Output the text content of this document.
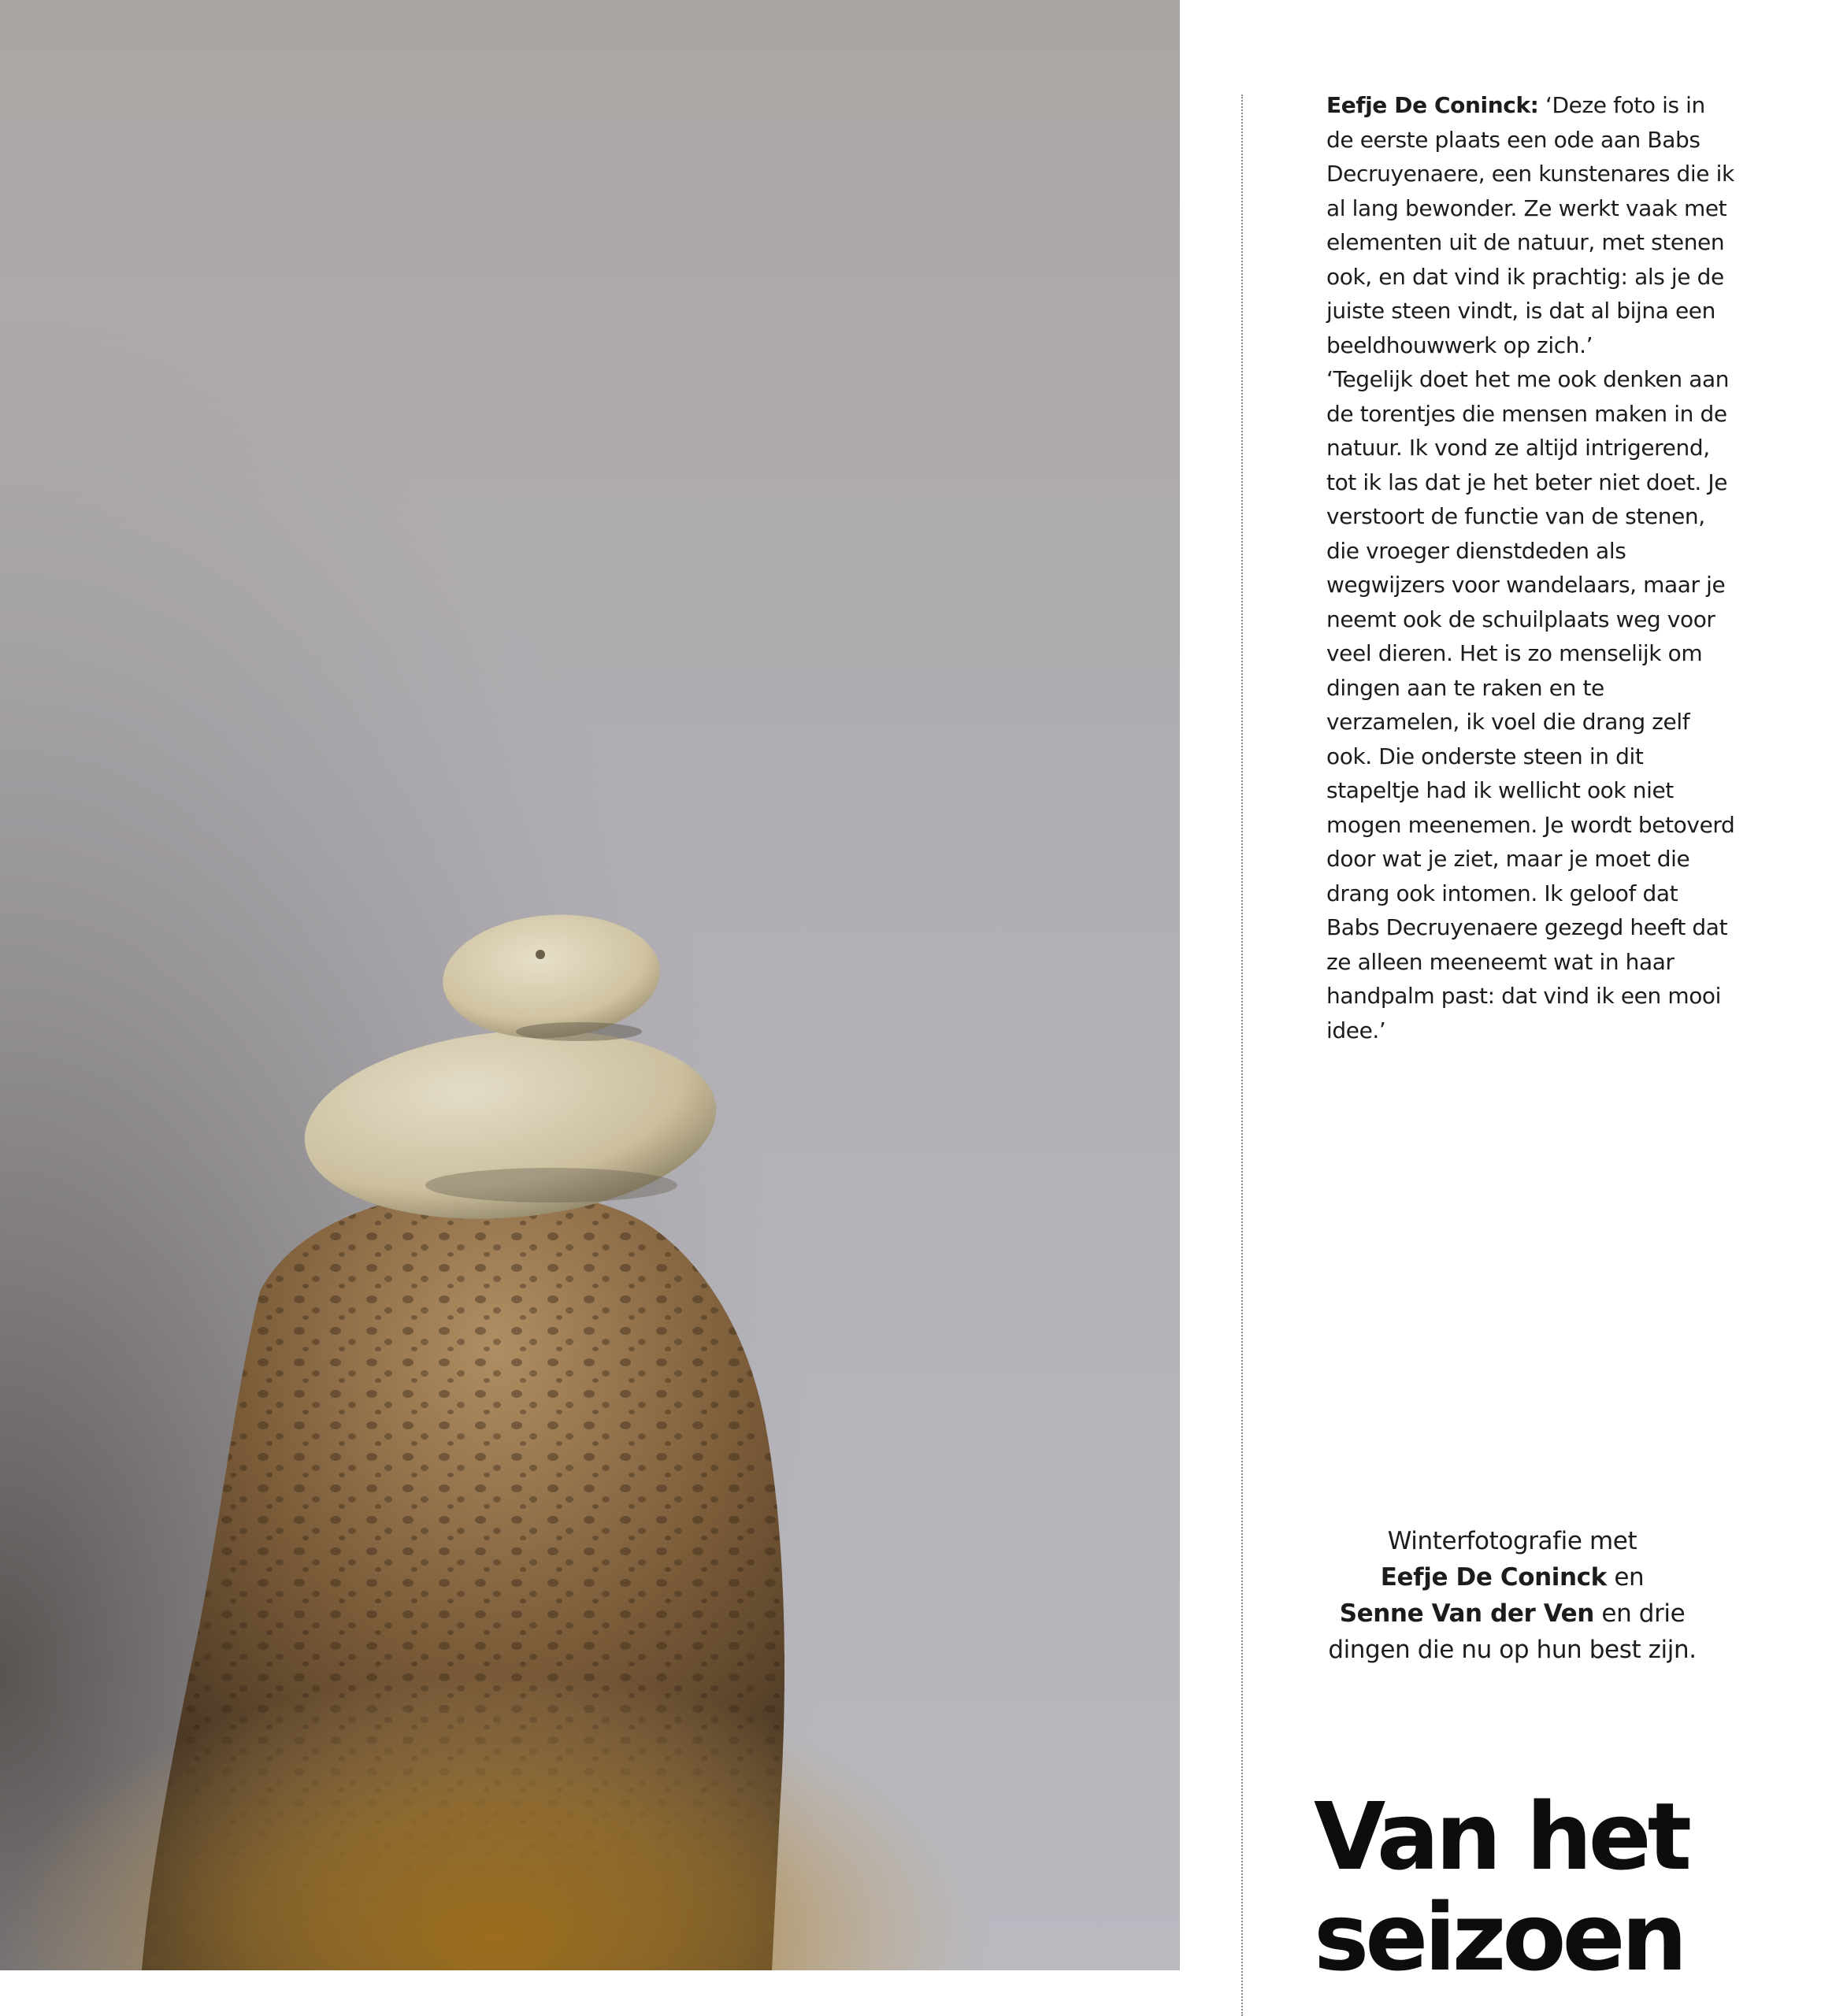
Eefje De Coninck: ‘Deze foto is in de eerste plaats een ode aan Babs Decruyenaere, een kunstenares die ik al lang bewonder. Ze werkt vaak met elementen uit de natuur, met stenen ook, en dat vind ik prachtig: als je de juiste steen vindt, is dat al bijna een beeldhouwwerk op zich.’

‘Tegelijk doet het me ook denken aan de torentjes die mensen maken in de natuur. Ik vond ze altijd intrigerend, tot ik las dat je het beter niet doet. Je verstoort de functie van de stenen, die vroeger dienstdeden als wegwijzers voor wandelaars, maar je neemt ook de schuilplaats weg voor veel dieren. Het is zo menselijk om dingen aan te raken en te verzamelen, ik voel die drang zelf ook. Die onderste steen in dit stapeltje had ik wellicht ook niet mogen meenemen. Je wordt betoverd door wat je ziet, maar je moet die drang ook intomen. Ik geloof dat Babs Decruyenaere gezegd heeft dat ze alleen meeneemt wat in haar handpalm past: dat vind ik een mooi idee.’

Winterfotografie met
Eefje De Coninck en
Senne Van der Ven en drie dingen die nu op hun best zijn.

Van het
seizoen
